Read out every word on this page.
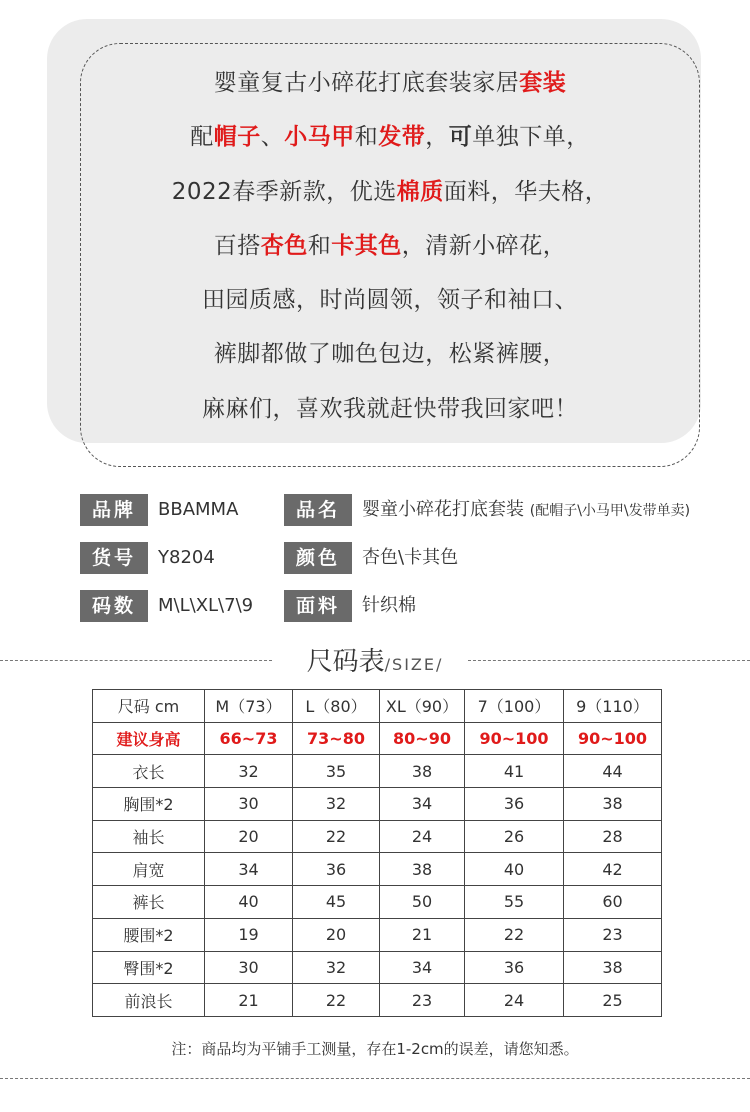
婴童复古小碎花打底套装家居套装
配帽子、小马甲和发带，可单独下单，
2022春季新款，优选棉质面料，华夫格，
百搭杏色和卡其色，清新小碎花，
田园质感，时尚圆领，领子和袖口、
裤脚都做了咖色包边，松紧裤腰，
麻麻们，喜欢我就赶快带我回家吧！
品牌	BBAMMA	品名	婴童小碎花打底套装 (配帽子\小马甲\发带单卖)
货号	Y8204	颜色	杏色\卡其色
码数	M\L\XL\7\9	面料	针织棉
尺码表/SIZE/
尺码 cm	M（73）	L（80）	XL（90）	7（100）	9（110）
建议身高	66~73	73~80	80~90	90~100	90~100
衣长	32	35	38	41	44
胸围*2	30	32	34	36	38
袖长	20	22	24	26	28
肩宽	34	36	38	40	42
裤长	40	45	50	55	60
腰围*2	19	20	21	22	23
臀围*2	30	32	34	36	38
前浪长	21	22	23	24	25
注：商品均为平铺手工测量，存在1-2cm的误差，请您知悉。
